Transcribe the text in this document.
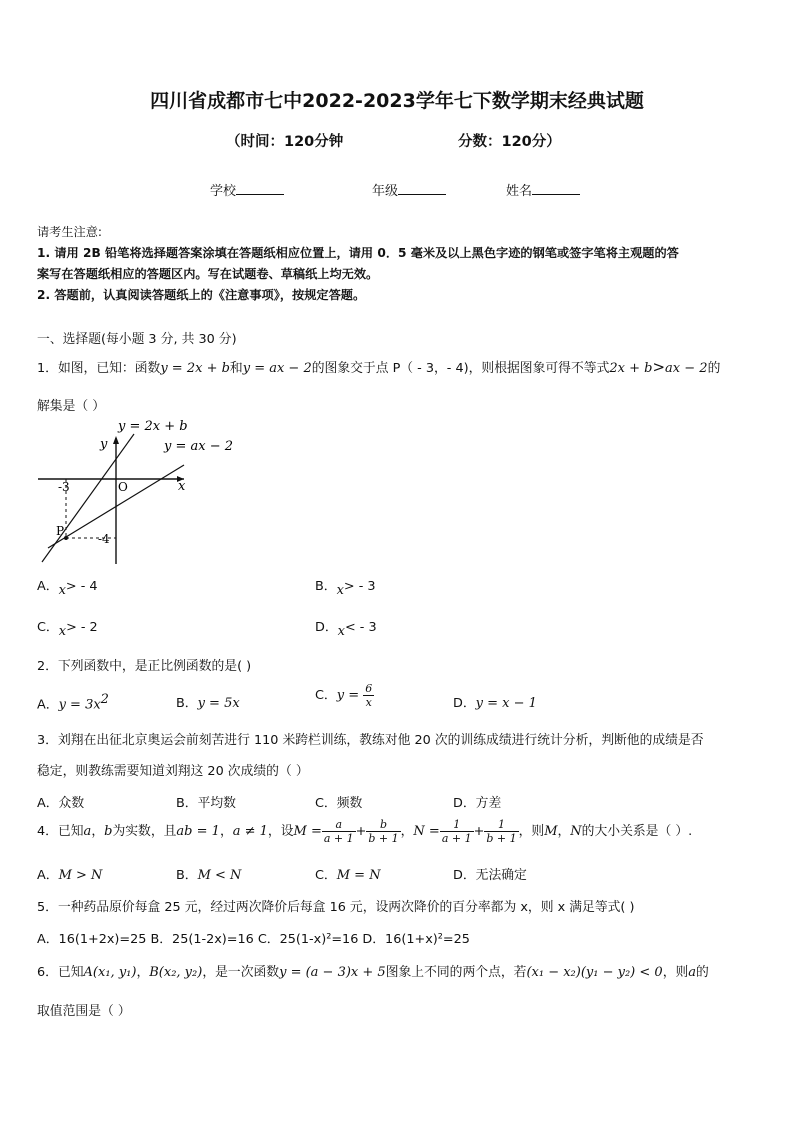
四川省成都市七中2022-2023学年七下数学期末经典试题
（时间：120分钟	分数：120分）
学校	年级	姓名
请考生注意:
1. 请用 2B 铅笔将选择题答案涂填在答题纸相应位置上，请用 0．5 毫米及以上黑色字迹的钢笔或签字笔将主观题的答
案写在答题纸相应的答题区内。写在试题卷、草稿纸上均无效。
2. 答题前，认真阅读答题纸上的《注意事项》，按规定答题。
一、选择题(每小题 3 分, 共 30 分)
1．如图，已知：函数y = 2x + b和y = ax − 2的图象交于点 P（ - 3，- 4)，则根据图象可得不等式2x + b>ax − 2的
解集是（ ）
y = 2x + b
y = ax − 2
y
x
O
-3
-4
P
A．x> - 4	B．x> - 3
C．x> - 2	D．x< - 3
2．下列函数中，是正比例函数的是( )
A．$y = 3x^2$	B．y = 5x
C．$y = \frac{6}{x}$	D．y = x − 1
3．刘翔在出征北京奥运会前刻苦进行 110 米跨栏训练，教练对他 20 次的训练成绩进行统计分析，判断他的成绩是否
稳定，则教练需要知道刘翔这 20 次成绩的（ ）
A．众数	B．平均数	C．频数	D．方差
4．已知a，b为实数，且ab = 1，a ≠ 1，设$M = \frac{a}{a + 1} + \frac{b}{b + 1}$ ，$N = \frac{1}{a + 1} + \frac{1}{b + 1}$ ，则M，N的大小关系是（ ）.
A．M > N	B．M < N	C．M = N	D．无法确定
5．一种药品原价每盒 25 元，经过两次降价后每盒 16 元，设两次降价的百分率都为 x，则 x 满足等式( )
A．16(1+2x)=25 B．25(1-2x)=16 C．25(1-x)²=16 D．16(1+x)²=25
6．已知A(x₁, y₁)，B(x₂, y₂)，是一次函数y = (a − 3)x + 5图象上不同的两个点，若(x₁ − x₂)(y₁ − y₂) < 0，则a的
取值范围是（ ）
